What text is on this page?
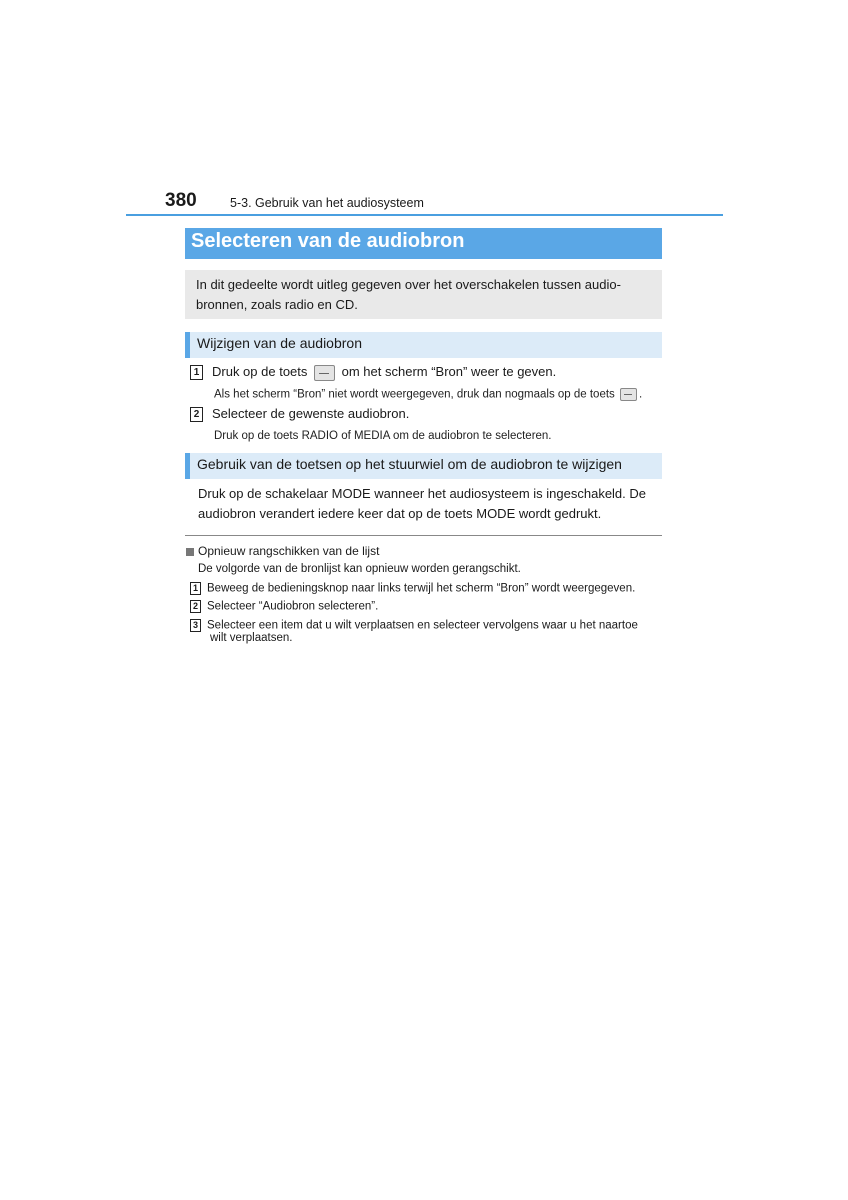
380	5-3. Gebruik van het audiosysteem
Selecteren van de audiobron
In dit gedeelte wordt uitleg gegeven over het overschakelen tussen audio-
bronnen, zoals radio en CD.
Wijzigen van de audiobron
1 Druk op de toets	om het scherm “Bron” weer te geven.
Als het scherm “Bron” niet wordt weergegeven, druk dan nogmaals op de toets .
2 Selecteer de gewenste audiobron.
Druk op de toets RADIO of MEDIA om de audiobron te selecteren.
Gebruik van de toetsen op het stuurwiel om de audiobron te wijzigen
Druk op de schakelaar MODE wanneer het audiosysteem is ingeschakeld. De
audiobron verandert iedere keer dat op de toets MODE wordt gedrukt.
Opnieuw rangschikken van de lijst
De volgorde van de bronlijst kan opnieuw worden gerangschikt.
1 Beweeg de bedieningsknop naar links terwijl het scherm “Bron” wordt weergegeven.
2 Selecteer “Audiobron selecteren”.
3 Selecteer een item dat u wilt verplaatsen en selecteer vervolgens waar u het naartoe
wilt verplaatsen.
